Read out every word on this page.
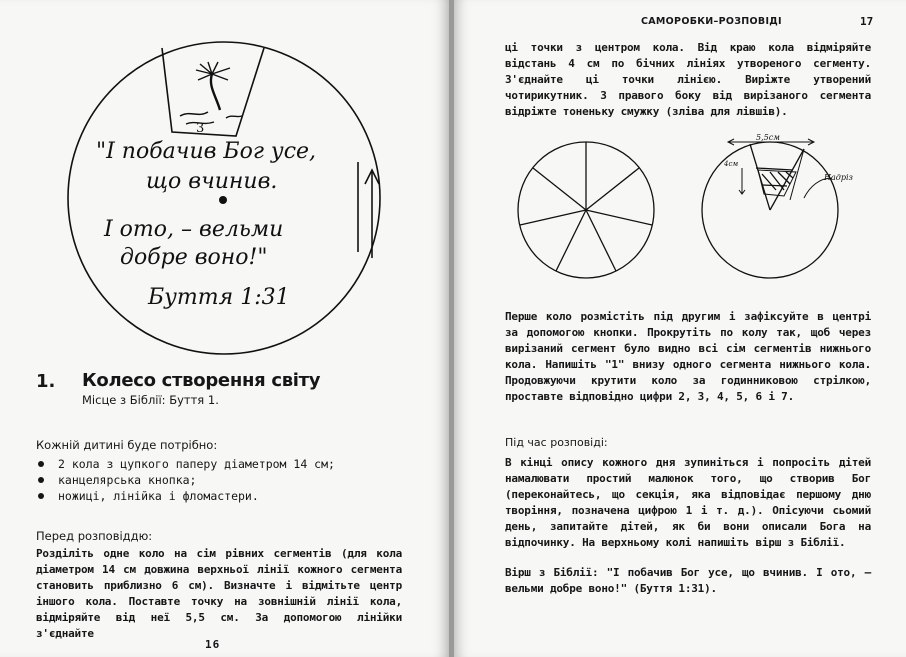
3
"І побачив Бог усе,
що вчинив.
І ото, – вельми
добре воно!"
Буття 1:31
1. Колесо створення світу
Місце з Біблії: Буття 1.
Кожній дитині буде потрібно:
2 кола з цупкого паперу діаметром 14 см;
канцелярська кнопка;
ножиці, лінійка і фломастери.
Перед розповіддю:
Розділіть одне коло на сім рівних сегментів (для кола діаметром 14 см довжина верхньої лінії кожного сегмента становить приблизно 6 см). Визначте і відмітьте центр іншого кола. Поставте точку на зовнішній лінії кола, відміряйте від неї 5,5 см. За допомогою лінійки з'єднайте
16
САМОРОБКИ–РОЗПОВІДІ	17
ці точки з центром кола. Від краю кола відміряйте відстань 4 см по бічних лініях утвореного сегменту. З'єднайте ці точки лінією. Виріжте утворений чотирикутник. З правого боку від вирізаного сегмента відріжте тоненьку смужку (зліва для лівшів).
5,5см
4см
Надріз
Перше коло розмістіть під другим і зафіксуйте в центрі за допомогою кнопки. Прокрутіть по колу так, щоб через вирізаний сегмент було видно всі сім сегментів нижнього кола. Напишіть "1" внизу одного сегмента нижнього кола. Продовжуючи крутити коло за годинниковою стрілкою, проставте відповідно цифри 2, 3, 4, 5, 6 і 7.
Під час розповіді:
В кінці опису кожного дня зупиніться і попросіть дітей намалювати простий малюнок того, що створив Бог (переконайтесь, що секція, яка відповідає першому дню творіння, позначена цифрою 1 і т. д.). Опісуючи сьомий день, запитайте дітей, як би вони описали Бога на відпочинку. На верхньому колі напишіть вірш з Біблії.
Вірш з Біблії: "І побачив Бог усе, що вчинив. І ото, – вельми добре воно!" (Буття 1:31).
